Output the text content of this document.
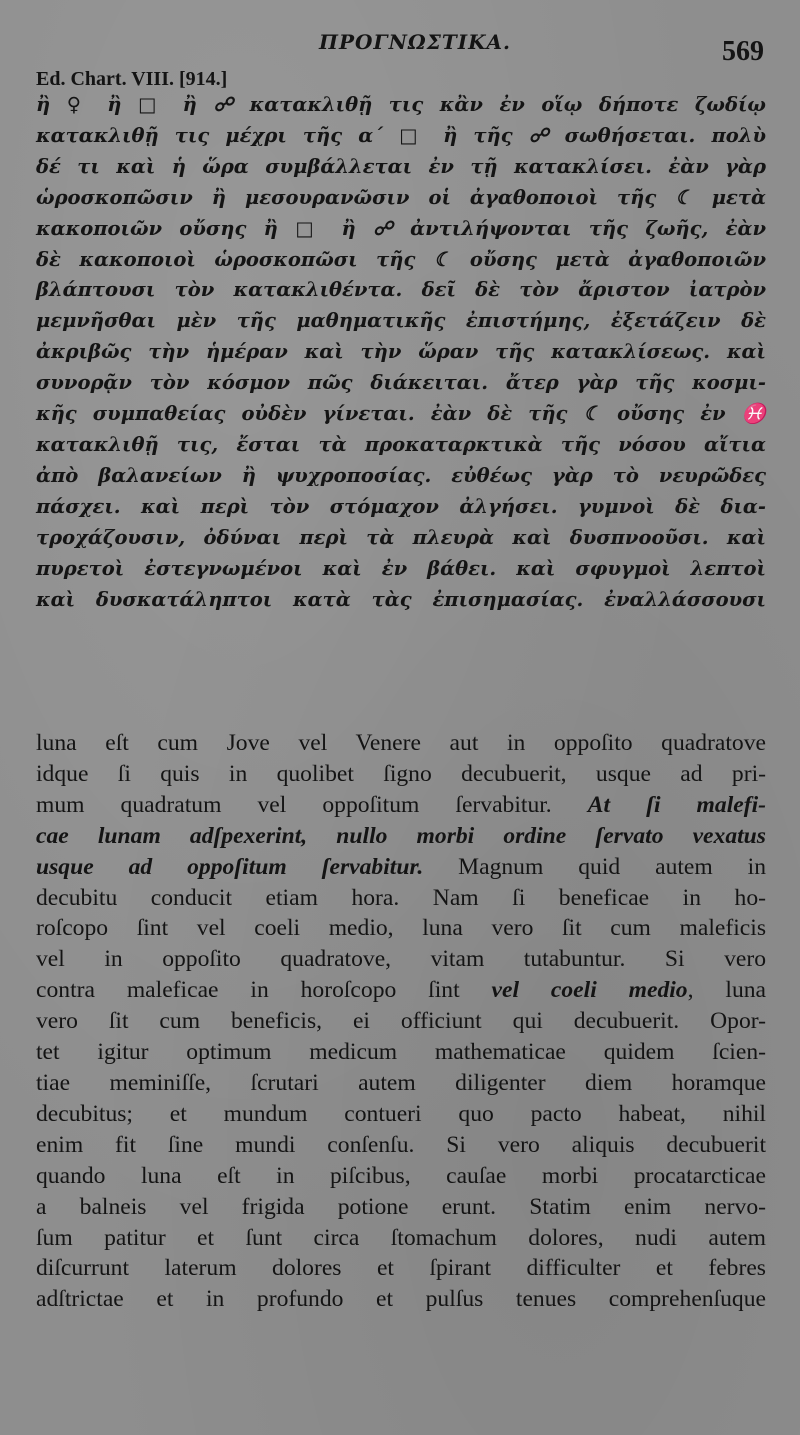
ΠΡΟΓΝΩΣΤΙΚΑ.	569
Ed. Chart. VIII. [914.]
ἢ ♀ ἢ □ ἢ ☍ κατακλιθῇ τις κἂν ἐν οἵῳ δήποτε ζωδίῳ
κατακλιθῇ τις μέχρι τῆς α΄ □ ἢ τῆς ☍ σωθήσεται. πολὺ
δέ τι καὶ ἡ ὥρα συμβάλλεται ἐν τῇ κατακλίσει. ἐὰν γὰρ
ὡροσκοπῶσιν ἢ μεσουρανῶσιν οἱ ἀγαθοποιοὶ τῆς ☾ μετὰ
κακοποιῶν οὔσης ἢ □ ἢ ☍ ἀντιλήψονται τῆς ζωῆς, ἐὰν
δὲ κακοποιοὶ ὡροσκοπῶσι τῆς ☾ οὔσης μετὰ ἀγαθοποιῶν
βλάπτουσι τὸν κατακλιθέντα. δεῖ δὲ τὸν ἄριστον ἰατρὸν
μεμνῆσθαι μὲν τῆς μαθηματικῆς ἐπιστήμης, ἐξετάζειν δὲ
ἀκριβῶς τὴν ἡμέραν καὶ τὴν ὥραν τῆς κατακλίσεως. καὶ
συνορᾷν τὸν κόσμον πῶς διάκειται. ἄτερ γὰρ τῆς κοσμι-
κῆς συμπαθείας οὐδὲν γίνεται. ἐὰν δὲ τῆς ☾ οὔσης ἐν ♓
κατακλιθῇ τις, ἔσται τὰ προκαταρκτικὰ τῆς νόσου αἴτια
ἀπὸ βαλανείων ἢ ψυχροποσίας. εὐθέως γὰρ τὸ νευρῶδες
πάσχει. καὶ περὶ τὸν στόμαχον ἀλγήσει. γυμνοὶ δὲ δια-
τροχάζουσιν, ὀδύναι περὶ τὰ πλευρὰ καὶ δυσπνοοῦσι. καὶ
πυρετοὶ ἐστεγνωμένοι καὶ ἐν βάθει. καὶ σφυγμοὶ λεπτοὶ
καὶ δυσκατάληπτοι κατὰ τὰς ἐπισημασίας. ἐναλλάσσουσι
luna eſt cum Jove vel Venere aut in oppoſito quadratove
idque ſi quis in quolibet ſigno decubuerit, usque ad pri-
mum quadratum vel oppoſitum ſervabitur. At ſi malefi-
cae lunam adſpexerint, nullo morbi ordine ſervato vexatus
usque ad oppoſitum ſervabitur. Magnum quid autem in
decubitu conducit etiam hora. Nam ſi beneficae in ho-
roſcopo ſint vel coeli medio, luna vero ſit cum maleficis
vel in oppoſito quadratove, vitam tutabuntur. Si vero
contra maleficae in horoſcopo ſint vel coeli medio, luna
vero ſit cum beneficis, ei officiunt qui decubuerit. Opor-
tet igitur optimum medicum mathematicae quidem ſcien-
tiae meminiſſe, ſcrutari autem diligenter diem horamque
decubitus; et mundum contueri quo pacto habeat, nihil
enim fit ſine mundi conſenſu. Si vero aliquis decubuerit
quando luna eſt in piſcibus, cauſae morbi procatarcticae
a balneis vel frigida potione erunt. Statim enim nervo-
ſum patitur et ſunt circa ſtomachum dolores, nudi autem
diſcurrunt laterum dolores et ſpirant difficulter et febres
adſtrictae et in profundo et pulſus tenues comprehenſuque
